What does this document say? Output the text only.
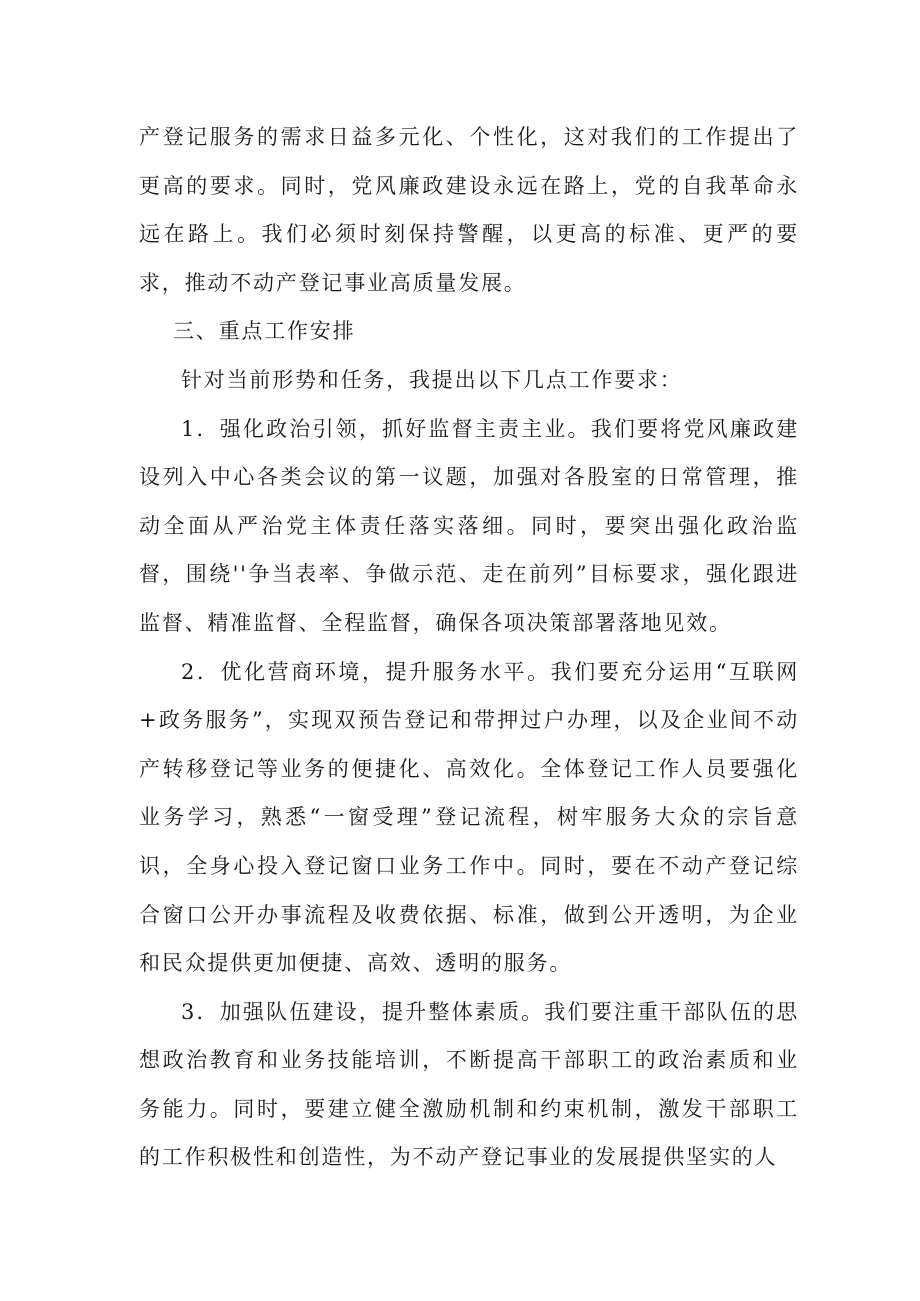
产登记服务的需求日益多元化、个性化，这对我们的工作提出了更高的要求。同时，党风廉政建设永远在路上，党的自我革命永远在路上。我们必须时刻保持警醒，以更高的标准、更严的要求，推动不动产登记事业高质量发展。

三、重点工作安排

针对当前形势和任务，我提出以下几点工作要求：

1．强化政治引领，抓好监督主责主业。我们要将党风廉政建设列入中心各类会议的第一议题，加强对各股室的日常管理，推动全面从严治党主体责任落实落细。同时，要突出强化政治监督，围绕''争当表率、争做示范、走在前列”目标要求，强化跟进监督、精准监督、全程监督，确保各项决策部署落地见效。

2．优化营商环境，提升服务水平。我们要充分运用“互联网+政务服务”，实现双预告登记和带押过户办理，以及企业间不动产转移登记等业务的便捷化、高效化。全体登记工作人员要强化业务学习，熟悉“一窗受理”登记流程，树牢服务大众的宗旨意识，全身心投入登记窗口业务工作中。同时，要在不动产登记综合窗口公开办事流程及收费依据、标准，做到公开透明，为企业和民众提供更加便捷、高效、透明的服务。

3．加强队伍建设，提升整体素质。我们要注重干部队伍的思想政治教育和业务技能培训，不断提高干部职工的政治素质和业务能力。同时，要建立健全激励机制和约束机制，激发干部职工的工作积极性和创造性，为不动产登记事业的发展提供坚实的人
